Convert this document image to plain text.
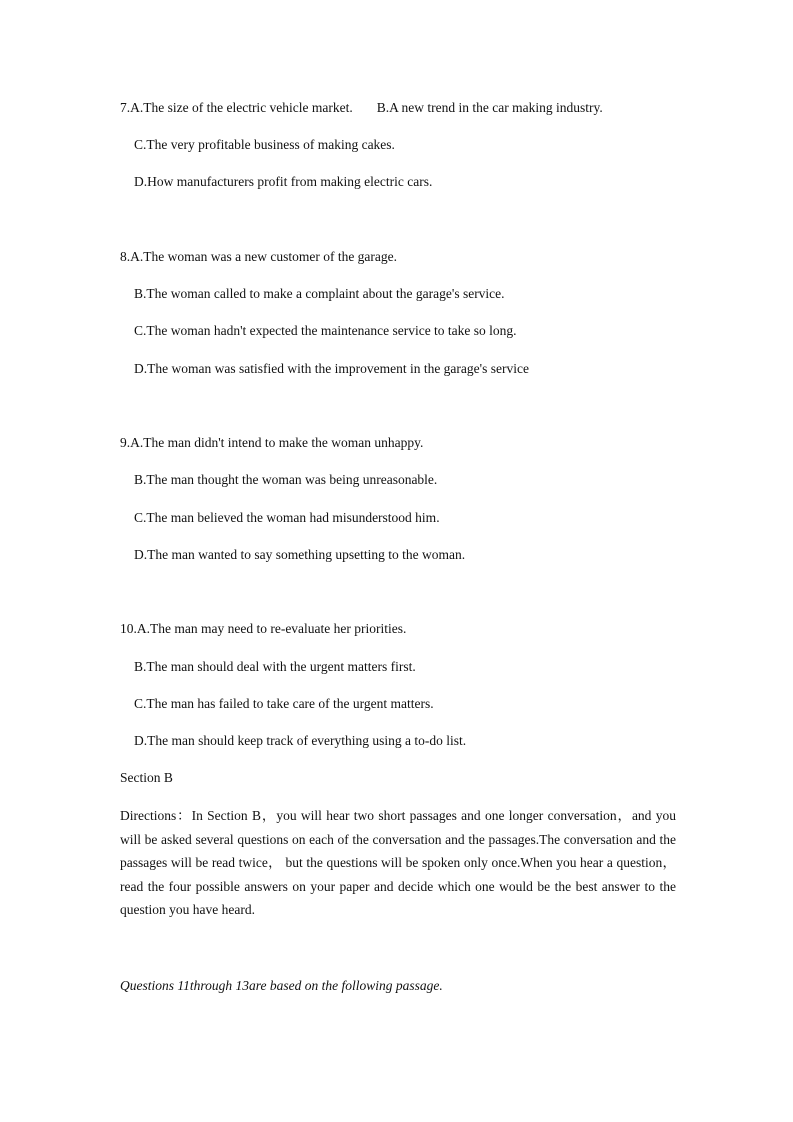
7.A.The size of the electric vehicle market. B.A new trend in the car making industry.
C.The very profitable business of making cakes.
D.How manufacturers profit from making electric cars.
8.A.The woman was a new customer of the garage.
B.The woman called to make a complaint about the garage's service.
C.The woman hadn't expected the maintenance service to take so long.
D.The woman was satisfied with the improvement in the garage's service
9.A.The man didn't intend to make the woman unhappy.
B.The man thought the woman was being unreasonable.
C.The man believed the woman had misunderstood him.
D.The man wanted to say something upsetting to the woman.
10.A.The man may need to re-evaluate her priorities.
B.The man should deal with the urgent matters first.
C.The man has failed to take care of the urgent matters.
D.The man should keep track of everything using a to-do list.
Section B
Directions：In Section B，you will hear two short passages and one longer conversation，and you will be asked several questions on each of the conversation and the passages.The conversation and the passages will be read twice， but the questions will be spoken only once.When you hear a question，read the four possible answers on your paper and decide which one would be the best answer to the question you have heard.
Questions 11through 13are based on the following passage.
